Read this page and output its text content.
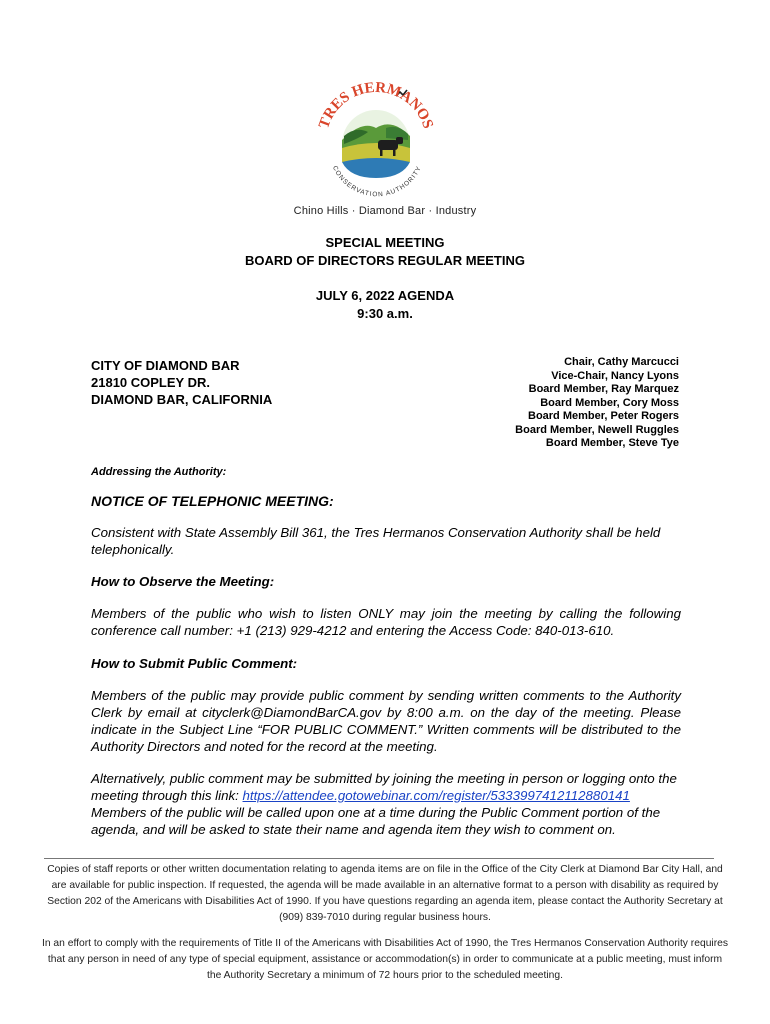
TRES HERMANOS
CONSERVATION AUTHORITY
Chino Hills · Diamond Bar · Industry
SPECIAL MEETING
BOARD OF DIRECTORS REGULAR MEETING
JULY 6, 2022 AGENDA
9:30 a.m.
CITY OF DIAMOND BAR
21810 COPLEY DR.
DIAMOND BAR, CALIFORNIA
Chair, Cathy Marcucci
Vice-Chair, Nancy Lyons
Board Member, Ray Marquez
Board Member, Cory Moss
Board Member, Peter Rogers
Board Member, Newell Ruggles
Board Member, Steve Tye
Addressing the Authority:
NOTICE OF TELEPHONIC MEETING:
Consistent with State Assembly Bill 361, the Tres Hermanos Conservation Authority shall be held telephonically.
How to Observe the Meeting:
Members of the public who wish to listen ONLY may join the meeting by calling the following conference call number: +1 (213) 929-4212 and entering the Access Code: 840-013-610.
How to Submit Public Comment:
Members of the public may provide public comment by sending written comments to the Authority Clerk by email at cityclerk@DiamondBarCA.gov by 8:00 a.m. on the day of the meeting. Please indicate in the Subject Line “FOR PUBLIC COMMENT.” Written comments will be distributed to the Authority Directors and noted for the record at the meeting.
Alternatively, public comment may be submitted by joining the meeting in person or logging onto the meeting through this link: https://attendee.gotowebinar.com/register/5333997412112880141 Members of the public will be called upon one at a time during the Public Comment portion of the agenda, and will be asked to state their name and agenda item they wish to comment on.
Copies of staff reports or other written documentation relating to agenda items are on file in the Office of the City Clerk at Diamond Bar City Hall, and are available for public inspection. If requested, the agenda will be made available in an alternative format to a person with disability as required by Section 202 of the Americans with Disabilities Act of 1990. If you have questions regarding an agenda item, please contact the Authority Secretary at (909) 839-7010 during regular business hours.
In an effort to comply with the requirements of Title II of the Americans with Disabilities Act of 1990, the Tres Hermanos Conservation Authority requires that any person in need of any type of special equipment, assistance or accommodation(s) in order to communicate at a public meeting, must inform the Authority Secretary a minimum of 72 hours prior to the scheduled meeting.
